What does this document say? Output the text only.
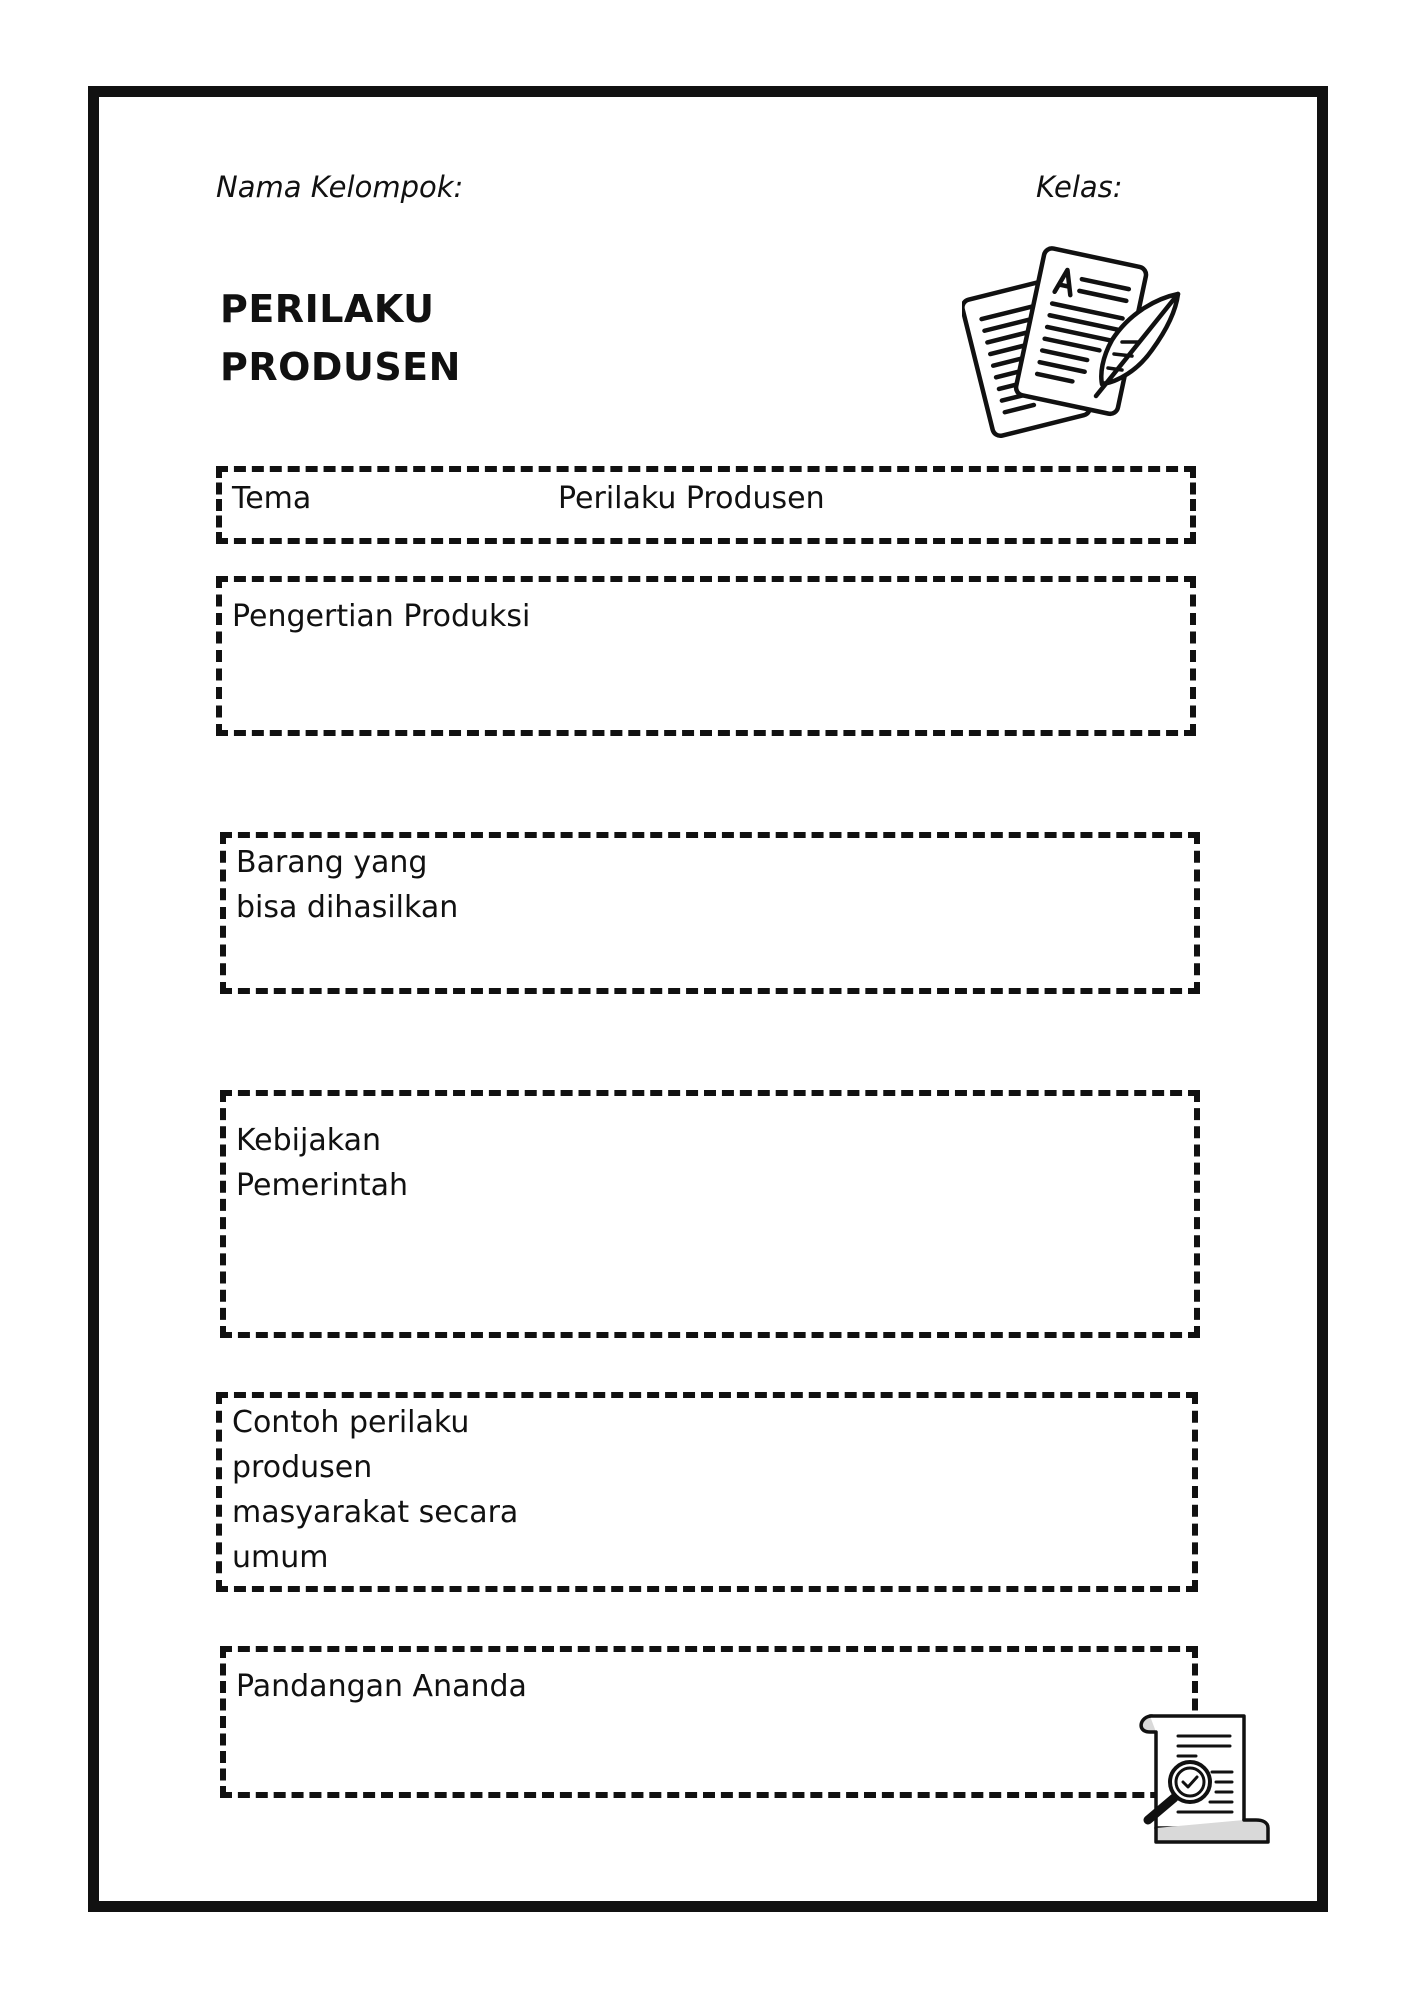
Nama Kelompok:	Kelas:
PERILAKU
PRODUSEN
Tema	Perilaku Produsen
Pengertian Produksi
Barang yang
bisa dihasilkan
Kebijakan
Pemerintah
Contoh perilaku
produsen
masyarakat secara
umum
Pandangan Ananda
